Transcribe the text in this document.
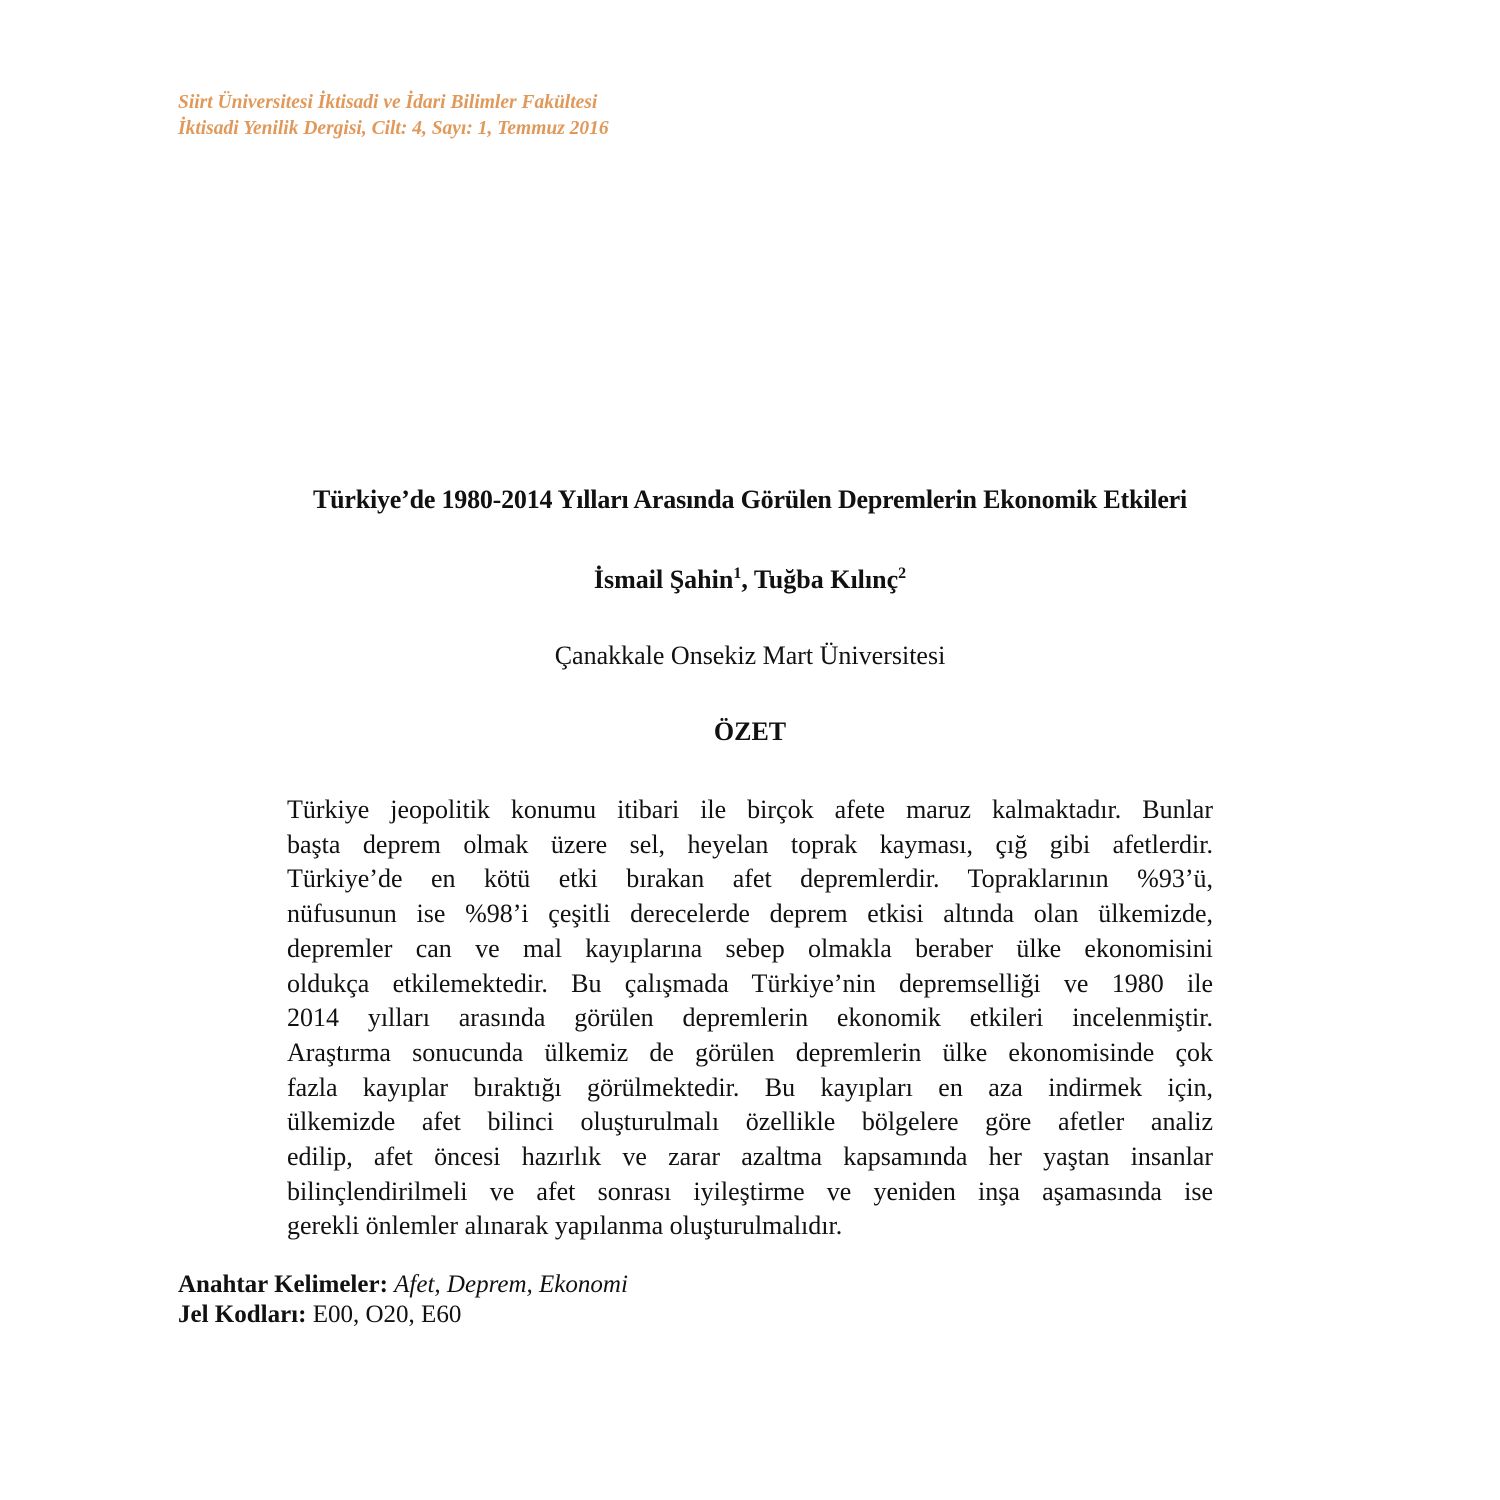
Siirt Üniversitesi İktisadi ve İdari Bilimler Fakültesi
İktisadi Yenilik Dergisi, Cilt: 4, Sayı: 1, Temmuz 2016
Türkiye’de 1980-2014 Yılları Arasında Görülen Depremlerin Ekonomik Etkileri
İsmail Şahin$^1$, Tuğba Kılınç$^2$
Çanakkale Onsekiz Mart Üniversitesi
ÖZET
Türkiye jeopolitik konumu itibari ile birçok afete maruz kalmaktadır. Bunlar
başta deprem olmak üzere sel, heyelan toprak kayması, çığ gibi afetlerdir.
Türkiye’de en kötü etki bırakan afet depremlerdir. Topraklarının %93’ü,
nüfusunun ise %98’i çeşitli derecelerde deprem etkisi altında olan ülkemizde,
depremler can ve mal kayıplarına sebep olmakla beraber ülke ekonomisini
oldukça etkilemektedir. Bu çalışmada Türkiye’nin depremselliği ve 1980 ile
2014 yılları arasında görülen depremlerin ekonomik etkileri incelenmiştir.
Araştırma sonucunda ülkemiz de görülen depremlerin ülke ekonomisinde çok
fazla kayıplar bıraktığı görülmektedir. Bu kayıpları en aza indirmek için,
ülkemizde afet bilinci oluşturulmalı özellikle bölgelere göre afetler analiz
edilip, afet öncesi hazırlık ve zarar azaltma kapsamında her yaştan insanlar
bilinçlendirilmeli ve afet sonrası iyileştirme ve yeniden inşa aşamasında ise
gerekli önlemler alınarak yapılanma oluşturulmalıdır.
Anahtar Kelimeler: Afet, Deprem, Ekonomi
Jel Kodları: E00, O20, E60
